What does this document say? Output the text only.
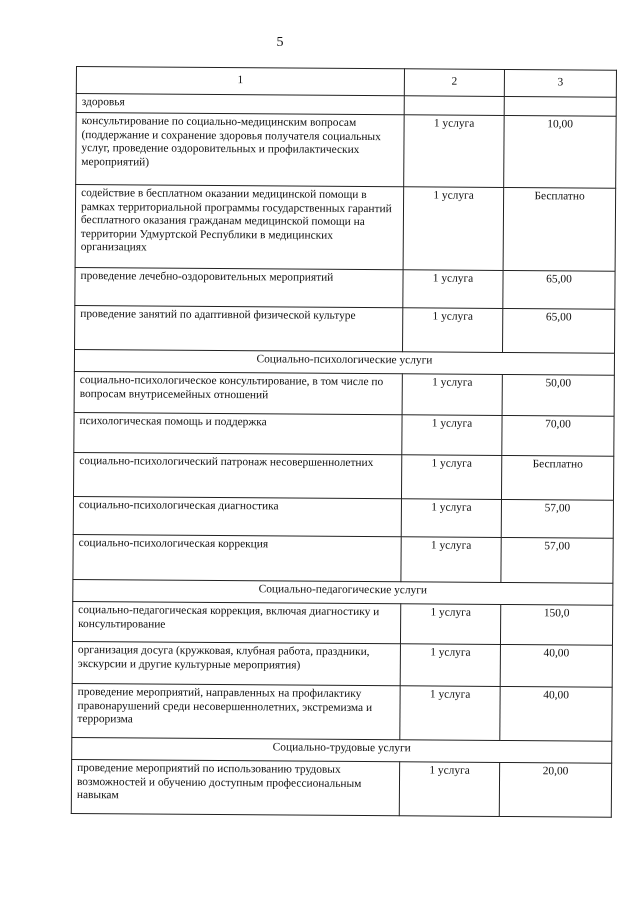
5
1	2	3
здоровья		
консультирование по социально-медицинским вопросам (поддержание и сохранение здоровья получателя социальных услуг, проведение оздоровительных и профилактических мероприятий)	1 услуга	10,00
содействие в бесплатном оказании медицинской помощи в рамках территориальной программы государственных гарантий бесплатного оказания гражданам медицинской помощи на территории Удмуртской Республики в медицинских организациях	1 услуга	Бесплатно
проведение лечебно-оздоровительных мероприятий	1 услуга	65,00
проведение занятий по адаптивной физической культуре	1 услуга	65,00
Социально-психологические услуги		
социально-психологическое консультирование, в том числе по вопросам внутрисемейных отношений	1 услуга	50,00
психологическая помощь и поддержка	1 услуга	70,00
социально-психологический патронаж несовершеннолетних	1 услуга	Бесплатно
социально-психологическая диагностика	1 услуга	57,00
социально-психологическая коррекция	1 услуга	57,00
Социально-педагогические услуги		
социально-педагогическая коррекция, включая диагностику и консультирование	1 услуга	150,0
организация досуга (кружковая, клубная работа, праздники, экскурсии и другие культурные мероприятия)	1 услуга	40,00
проведение мероприятий, направленных на профилактику правонарушений среди несовершеннолетних, экстремизма и терроризма	1 услуга	40,00
Социально-трудовые услуги		
проведение мероприятий по использованию трудовых возможностей и обучению доступным профессиональным навыкам	1 услуга	20,00
